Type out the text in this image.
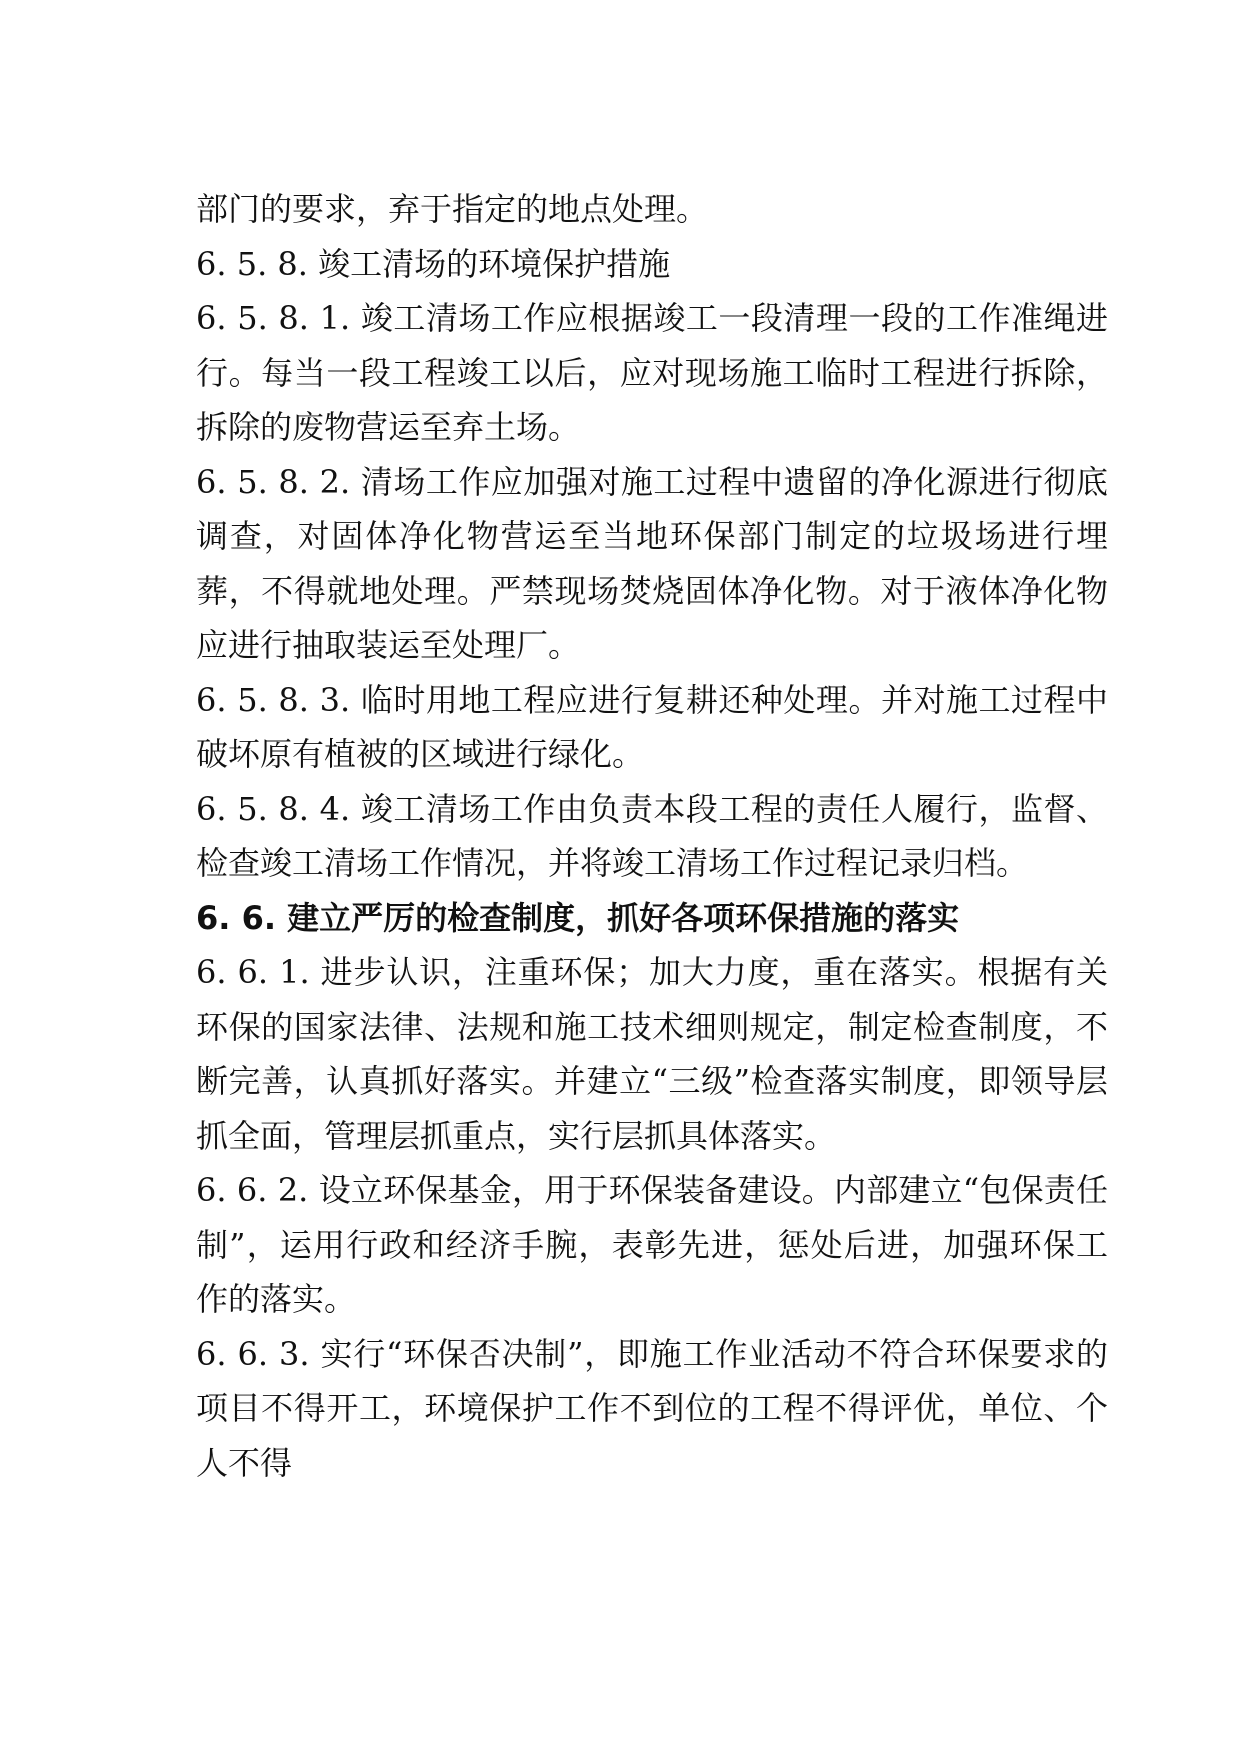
部门的要求，弃于指定的地点处理。

6. 5. 8. 竣工清场的环境保护措施

6. 5. 8. 1. 竣工清场工作应根据竣工一段清理一段的工作准绳进行。每当一段工程竣工以后，应对现场施工临时工程进行拆除，拆除的废物营运至弃土场。

6. 5. 8. 2. 清场工作应加强对施工过程中遗留的净化源进行彻底调查，对固体净化物营运至当地环保部门制定的垃圾场进行埋葬，不得就地处理。严禁现场焚烧固体净化物。对于液体净化物应进行抽取装运至处理厂。

6. 5. 8. 3. 临时用地工程应进行复耕还种处理。并对施工过程中破坏原有植被的区域进行绿化。

6. 5. 8. 4. 竣工清场工作由负责本段工程的责任人履行，监督、检查竣工清场工作情况，并将竣工清场工作过程记录归档。

6. 6. 建立严厉的检查制度，抓好各项环保措施的落实

6. 6. 1. 进步认识，注重环保；加大力度，重在落实。根据有关环保的国家法律、法规和施工技术细则规定，制定检查制度，不断完善，认真抓好落实。并建立“三级”检查落实制度，即领导层抓全面，管理层抓重点，实行层抓具体落实。

6. 6. 2. 设立环保基金，用于环保装备建设。内部建立“包保责任制”，运用行政和经济手腕，表彰先进，惩处后进，加强环保工作的落实。

6. 6. 3. 实行“环保否决制”，即施工作业活动不符合环保要求的项目不得开工，环境保护工作不到位的工程不得评优，单位、个人不得
